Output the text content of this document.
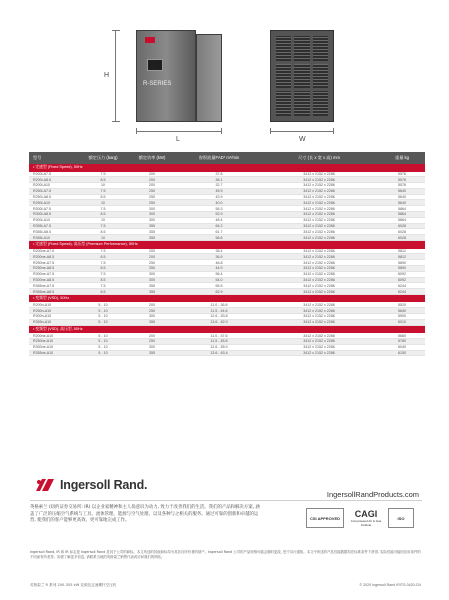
H
R-SERIES
L	W
型号	额定压力 (barg)	额定功率 (kW)	容积流量FAD* m³/min	尺寸 (长 x 宽 x 高) mm	重量 kg
• 定速型 (Fixed Speed), 50Hz
R200i-A7.5	7.5	200	37.6	3412 x 2152 x 2286	5576
R200i-A8.5	8.5	200	36.1	3412 x 2152 x 2286	5576
R200i-A10	10	200	32.7	3412 x 2152 x 2286	5576
R250i-A7.5	7.5	250	45.9	3412 x 2152 x 2286	5640
R250i-A8.5	8.5	250	43.9	3412 x 2152 x 2286	5640
R250i-A10	10	250	40.0	3412 x 2152 x 2286	5640
R300i-A7.5	7.5	300	55.3	3412 x 2152 x 2286	5864
R300i-A8.5	8.5	300	52.9	3412 x 2152 x 2286	5864
R300i-A10	10	300	48.4	3412 x 2152 x 2286	5864
R355i-A7.5	7.5	355	64.2	3412 x 2152 x 2286	6028
R355i-A8.5	8.5	355	61.7	3412 x 2152 x 2286	6028
R355i-A10	10	355	56.6	3412 x 2152 x 2286	6028
• 定速型 (Fixed Speed), 高压型 (Premium Performance), 50Hz
R200ne-A7.5	7.5	200	38.4	3412 x 2152 x 2286	5812
R200ne-A8.5	8.5	200	36.9	3412 x 2152 x 2286	5812
R250ne-A7.5	7.5	250	46.8	3412 x 2152 x 2286	5890
R250ne-A8.5	8.5	250	44.9	3412 x 2152 x 2286	5890
R300ne-A7.5	7.5	300	56.4	3412 x 2152 x 2286	6092
R300ne-A8.5	8.5	300	54.0	3412 x 2152 x 2286	6092
R355ne-A7.5	7.5	355	65.5	3412 x 2152 x 2286	6244
R355ne-A8.5	8.5	355	62.9	3412 x 2152 x 2286	6244
• 变频型 (VSD), 50Hz
R200n-A10	5 - 10	200	11.0 - 36.8	3412 x 2152 x 2286	5520
R250n-A10	5 - 10	250	11.5 - 44.6	3412 x 2152 x 2286	5640
R300n-A10	5 - 10	300	12.6 - 53.8	3412 x 2152 x 2286	5900
R355n-A10	5 - 10	355	13.6 - 62.0	3412 x 2152 x 2286	6010
• 变频型 (VSD), 高压型, 50Hz
R200ne-A10	5 - 10	200	11.0 - 37.6	3412 x 2152 x 2286	5660
R250ne-A10	5 - 10	250	11.5 - 45.8	3412 x 2152 x 2286	5780
R300ne-A10	5 - 10	300	12.6 - 55.0	3412 x 2152 x 2286	6040
R355ne-A10	5 - 10	355	13.6 - 63.4	3412 x 2152 x 2286	6150
Ingersoll Rand.
IngersollRandProducts.com
英格索兰 (纽约证券交易所: IR) 以企业家精神和主人翁意识为动力, 致力于改善我们的生活。我们的产品和解决方案, 涵盖了广泛的压缩空气系统与工具、流体管理、能源与空气处理、以及各种与之相关的服务。通过可靠的创新和卓越的运营, 使我们的客户能够更高效、更可靠地完成工作。
CSI APPROVED	CAGI
Compressed Air & Gas Institute
ISO
Ingersoll Rand, IR 和 IR 标志是 Ingersoll Rand 及其子公司的商标。本文所述的其他商标均为其各自所有者的财产。Ingersoll Rand 公司的产品规格可能会随时更改, 恕不另行通知。本文中所述的产品性能数据均在标准条件下获得, 实际性能可能因应用条件的不同而有所差异。如需了解更多信息, 请联系当地的英格索兰销售代表或访问我们的网站。
英格索兰 R 系列 200-355 kW 变频及定速螺杆空压机	© 2020 Ingersoll Rand IRITS-0420-CN
